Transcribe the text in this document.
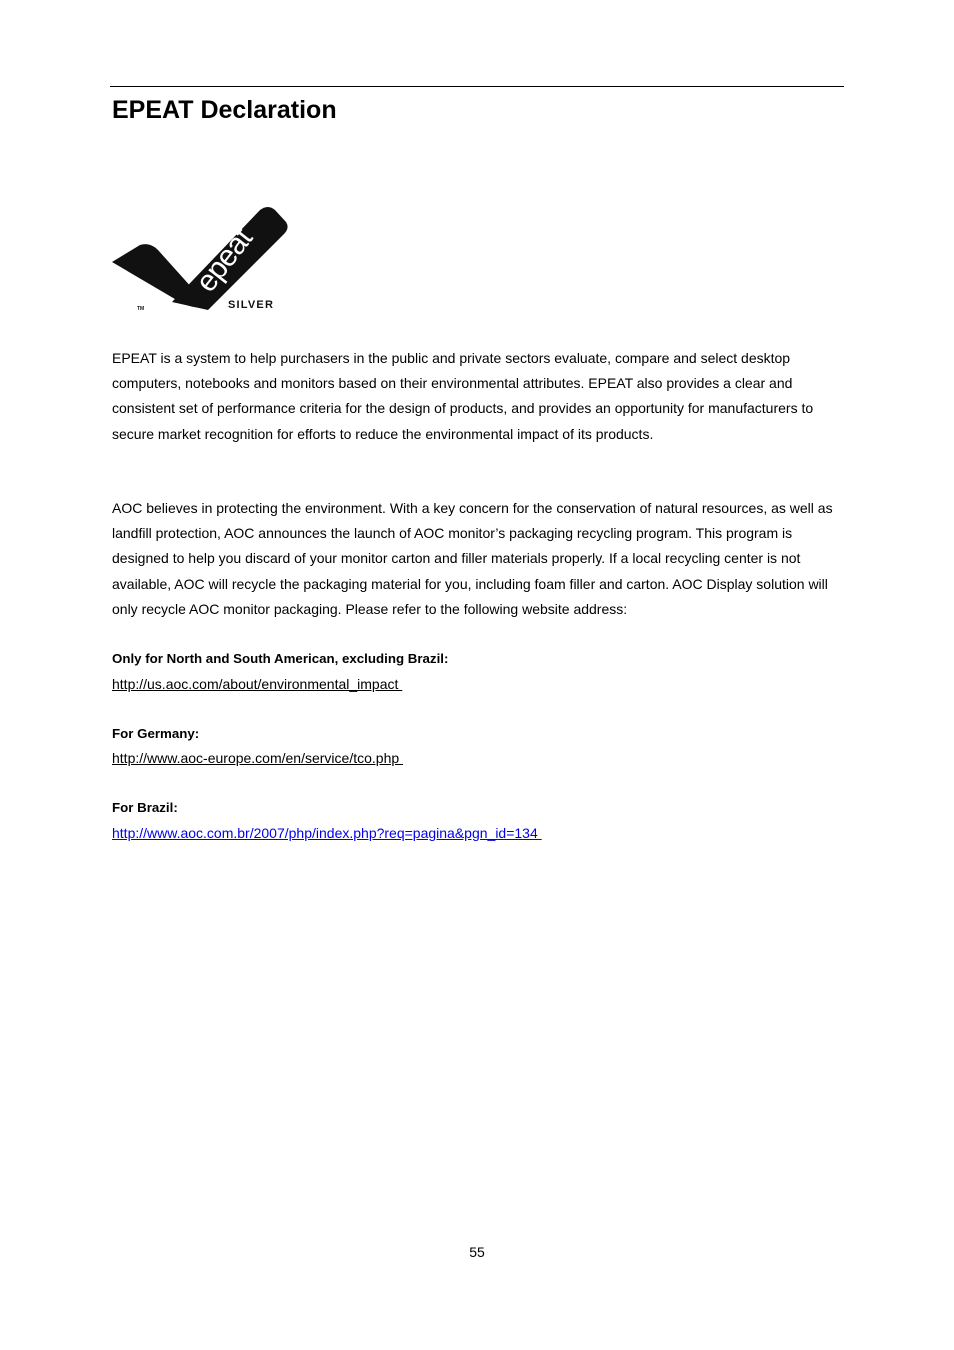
EPEAT Declaration
epeat
SILVER
TM

EPEAT is a system to help purchasers in the public and private sectors evaluate, compare and select desktop computers, notebooks and monitors based on their environmental attributes. EPEAT also provides a clear and consistent set of performance criteria for the design of products, and provides an opportunity for manufacturers to secure market recognition for efforts to reduce the environmental impact of its products.

AOC believes in protecting the environment. With a key concern for the conservation of natural resources, as well as landfill protection, AOC announces the launch of AOC monitor’s packaging recycling program. This program is designed to help you discard of your monitor carton and filler materials properly. If a local recycling center is not available, AOC will recycle the packaging material for you, including foam filler and carton. AOC Display solution will only recycle AOC monitor packaging. Please refer to the following website address:

Only for North and South American, excluding Brazil:

http://us.aoc.com/about/environmental_impact

For Germany:

http://www.aoc-europe.com/en/service/tco.php

For Brazil:

http://www.aoc.com.br/2007/php/index.php?req=pagina&pgn_id=134
55
